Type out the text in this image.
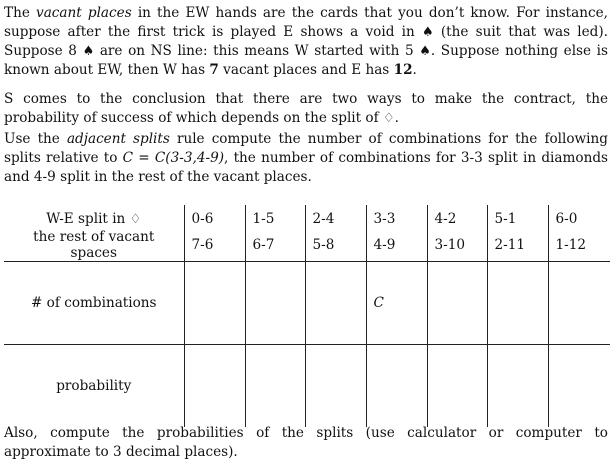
The vacant places in the EW hands are the cards that you don’t know. For instance, suppose after the first trick is played E shows a void in ♠ (the suit that was led). Suppose 8 ♠ are on NS line: this means W started with 5 ♠. Suppose nothing else is known about EW, then W has 7 vacant places and E has 12.

S comes to the conclusion that there are two ways to make the contract, the probability of success of which depends on the split of ♢.

Use the adjacent splits rule compute the number of combinations for the following splits relative to C = C(3-3,4-9), the number of combinations for 3-3 split in diamonds and 4-9 split in the rest of the vacant places.

W-E split in ♢	0-6	1-5	2-4	3-3	4-2	5-1	6-0
the rest of vacant spaces	7-6	6-7	5-8	4-9	3-10	2-11	1-12
# of combinations				C			
probability							

Also, compute the probabilities of the splits (use calculator or computer to approximate to 3 decimal places).
